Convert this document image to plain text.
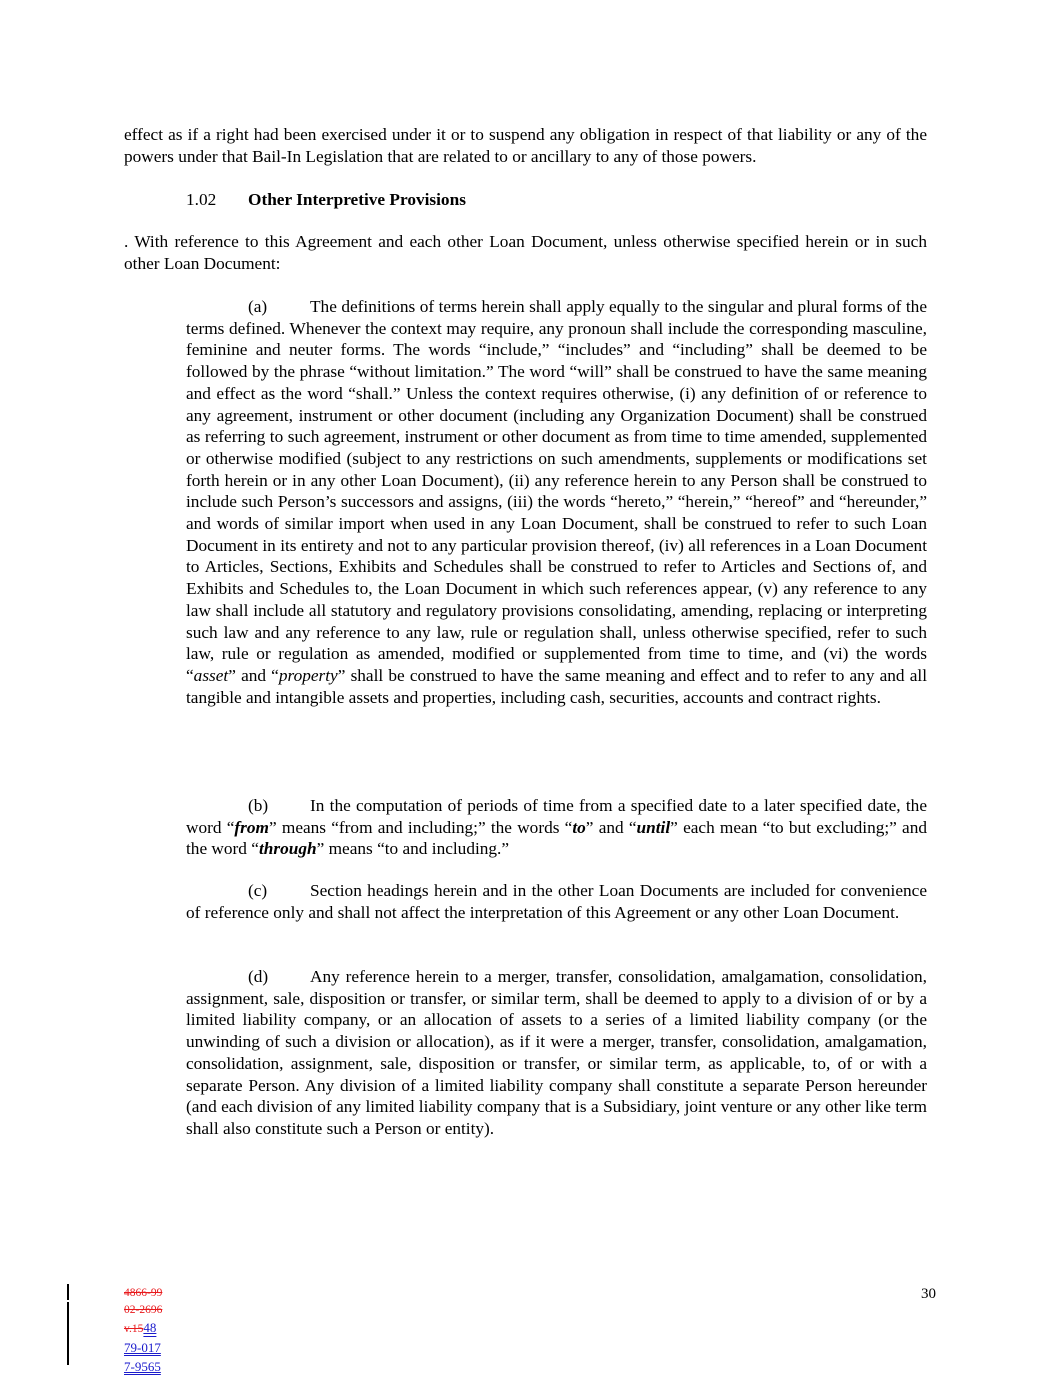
effect as if a right had been exercised under it or to suspend any obligation in respect of that liability or any of the powers under that Bail-In Legislation that are related to or ancillary to any of those powers.

1.02 Other Interpretive Provisions

. With reference to this Agreement and each other Loan Document, unless otherwise specified herein or in such other Loan Document:

(a) The definitions of terms herein shall apply equally to the singular and plural forms of the terms defined. Whenever the context may require, any pronoun shall include the corresponding masculine, feminine and neuter forms. The words “include,” “includes” and “including” shall be deemed to be followed by the phrase “without limitation.” The word “will” shall be construed to have the same meaning and effect as the word “shall.” Unless the context requires otherwise, (i) any definition of or reference to any agreement, instrument or other document (including any Organization Document) shall be construed as referring to such agreement, instrument or other document as from time to time amended, supplemented or otherwise modified (subject to any restrictions on such amendments, supplements or modifications set forth herein or in any other Loan Document), (ii) any reference herein to any Person shall be construed to include such Person’s successors and assigns, (iii) the words “hereto,” “herein,” “hereof” and “hereunder,” and words of similar import when used in any Loan Document, shall be construed to refer to such Loan Document in its entirety and not to any particular provision thereof, (iv) all references in a Loan Document to Articles, Sections, Exhibits and Schedules shall be construed to refer to Articles and Sections of, and Exhibits and Schedules to, the Loan Document in which such references appear, (v) any reference to any law shall include all statutory and regulatory provisions consolidating, amending, replacing or interpreting such law and any reference to any law, rule or regulation shall, unless otherwise specified, refer to such law, rule or regulation as amended, modified or supplemented from time to time, and (vi) the words “asset” and “property” shall be construed to have the same meaning and effect and to refer to any and all tangible and intangible assets and properties, including cash, securities, accounts and contract rights.

(b) In the computation of periods of time from a specified date to a later specified date, the word “from” means “from and including;” the words “to” and “until” each mean “to but excluding;” and the word “through” means “to and including.”

(c) Section headings herein and in the other Loan Documents are included for convenience of reference only and shall not affect the interpretation of this Agreement or any other Loan Document.

(d) Any reference herein to a merger, transfer, consolidation, amalgamation, consolidation, assignment, sale, disposition or transfer, or similar term, shall be deemed to apply to a division of or by a limited liability company, or an allocation of assets to a series of a limited liability company (or the unwinding of such a division or allocation), as if it were a merger, transfer, consolidation, amalgamation, consolidation, assignment, sale, disposition or transfer, or similar term, as applicable, to, of or with a separate Person. Any division of a limited liability company shall constitute a separate Person hereunder (and each division of any limited liability company that is a Subsidiary, joint venture or any other like term shall also constitute such a Person or entity).

30
4866-99
02-2696
v.1548
79-017
7-9565
